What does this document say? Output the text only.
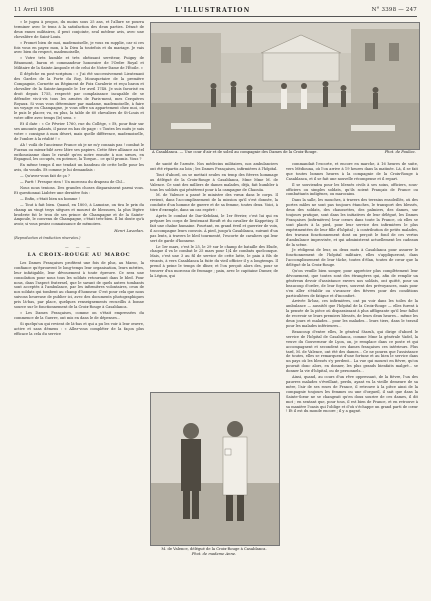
11 Avril 1908	L'ILLUSTRATION	N° 3398 — 247

« le jugea à propos, du moins sous 25 ans, et l'allure se pourra terminer avec le tems à la satisfaction des deux parties. Dénué de deux ennes militaires, il peut conjointe, seul médeur avis, avec une chevalière de Saint-Louis.

« Promet bien de moi, mademoiselle, je vous en supplie, car si ces fois vous en payez mon, à la Dieu la toutefois et du mariage. Je vais avec bien du respect, mademoiselle,

« Votre très humble et très obéissant serviteur, Fuigny de Béaumont, baron et commandeur honoraire de l'Ordre Royal et Militaire de la Sainte Ampoule et de celui de Notre-Dame de l'Étoile. »

Il dépêche en post-scriptum : « J'ai été successivement Lieutenant des Gardes de la Porte du Roy, Mousquetaire de la première Compagnie, Cornette au Régiment de Foix Cavalerie et reçu baron et chevalier de la Sainte-Ampoule le 1er avril 1748. Je suis favorisé en droit depuis 1755, respecté par complaisance incapable de se défendre vis-à-vis tous les armées de Paris-ment, mes Cerquères Royaux. Si vous vous déterminer par madame, mademoiselle, à faire un voyage en Champagne, je vous offre un appartement chez moi, où le puis le placer, vu, en plus, la table de 60 chevaliers de St-Louis et votre offre avec temps (le) sens. »

Et il date : « Ce Février 1760, rue du Collège, « Et, pour finir sur ses amounts galants, il passe en bas de page : « Toutes les nuits je suis votre « consigne à mon désert, mais quelle différence, mademoiselle, de l'ombre à la réalité ! »

Ah ! voilà de l'ancienne France où je ne m'y connais pas ! combat le Fuzeau ou mieux-bilé avec lâtre ses papiers. Cette fière alliance au tel enthousiasme dans le ravalé qu'en notre ensuite à nos sœurs, en Espagnol, les occupés, en potence, la Torque... ce qu'il promis. Vous ?

En même temps il me tendait un bandeau de cette belle pour les avis, du voudis. Et comme je lui demandais :

— Qu'avez-vous fait de ça ?

— Partt ! Presque rien ! Un morceau du drapeau de Chl...

Nous nous tenions. Des grandes choses disparaissent parmi vous. Et questionnai Liabère une dernière fois :

— Enfin, c'était bien un homme !

— Tout à fait bien. Quand, en 1800, à Lamoine, on tira le prix du champ au vingt troys siègues et mourut de blessures, la plus légère broderie fut le trou de ses prince de Champagne et de la Sainte-Ampoule, le convenu de Champagne, c'était très-bien. Il lui doute qu'à avoir, si vous pesiez connaissance de mémoires.

Henri Lavedan.
(Reproduction et traduction réservées.)
— — —
LA CROIX-ROUGE AU MAROC

Les Dames Françaises profitent une fois de plus, au Maroc, la confiance qu'éprouvent le long-temps leur organisation, leurs mérites, leur infatigable, leur dévouement à toute épreuve. Ce sera une consolation pour nous tous les soldats retournant dans le bled. Pour nous, dans l'aspect fraternel, que le savant de quels autres tombants sont acceptés à l'ambulance, par les infirmières volontaires, ceux de nos soldats qui tombent au champ d'honneur. C'est pour cela que nous suivons heureuse de publier ici, avec des documents photographiques pris là-bas, par place, quelques renseignements recueillis à bonne source sur le fonctionnement de la Croix-Rouge à Casablanca.

« Les Dames Françaises, comme on s'était empressées du commence de la Guerre, ont mis en dans le de dépenses...

Si quelqu'un qui revient de là-bas et qui a pu les voir à leur œuvre, active et sans démens : « Allez-vous compléter de la façon plus efficace la cela du service

Phot. de Pauliac.
A Casablanca. — Une cour d'air et de soleil au compagnie des Dames de la Croix-Rouge.

de santé de l'armée. Nos médecins militaires, nos ambulanciers ont été répartis au loin ; les Dames Françaises, infirmières à l'hôpital.

Tout d'abord, on se mettait seules en temp des fièvres hommage au délégué de la Croix-Rouge à Casablanca, Mme Mme M. de Valence. Ce sont des milliers de dames malades, déjà, fait humbler à tous les soldats qui pénètrent pour à la campagne de Chaouïa.

M. de Valence a passé le ministre des vœux dans le corps. Il revient, dans l'accomplissement de la mission qu'il s'est donnée, la conduite d'un homme de guerre et de sa femme, toutes deux. Voici, à titre d'exemple, dans un cas espéré :

Après le combat de Dar-Kebdani, le 1er février, c'est lui qui en prépare les corps de lieutenant Rieuft et du cavalier de Kappetiuy. Il fait une chaîne humaine. Pourtant, en grand éveil et guerrier de voix, il accompagne leurs convois. À pied, jusqu'à Casablanca, suivant d'un pas lents, à travers le bled tourmenté, l'escorte de cavaliers qui leur sert de garde d'honneur.

Le 1er mars, c'est le 25, le 29 sur le champ de bataille des Elude, chaque il va le combat le 25 mars pour 1/4 de combats quelconque. Mais, c'est une 3 au fil de service de cette lutte, le pain à fils de vivants, à vers Casablanca la fuite du vieil officier il y a longtemps. Il prend à peine le temps de dîner, et l'on perçoit alors des, pour se trouver d'un morceau de fromage ; pain, avec le capitaine Dumer, de la Légion, qui

M. de Valence, délégué de la Croix-Rouge à Casablanca.
Phot. de madame Anne.

commandait l'escorte, et encore en marche, à 16 heures de suite, vers Médiouna, où l'on arrive à 19 heures dans la matinée. Là, il se fait que toutes bonnes heures à la compagnie de la Croix-Rouge à Casablanca, et il se fait une nouvelle récompense et il repart.

Il se souviendra pour les blessés civils à ses soins, officiers, sous-officiers ou simples soldats, qu'ils soient Français de France ou combattants indigènes, ou marocains.

Dans la salle, les mouches, à travers des terrains ensoleillés, où des portes mâles ne sont pas toujours étanches, le transport des blessés, deux des soldats, des chaussettes, des palmiers, des dames, sur toujours pratique, sont dans les initiatives de leur délégué, les Dames Françaises (infirmières) leur cœurs dans toute la France, où elles se sont placés à la pied, pour leur service des infirmières le plus expérimentées de leur fille d'hôpital ; à contribution de petits malades, des travaux fonctionnement dont on perçoit le fond de ces vertus d'ambulance improvisée, et qui administrent actuellement les cadeaux de la scène.

Je rédigerai de leur, ou deux mots à Casablanca pour assurer le fonctionnement de l'hôpital militaire, elles s'appliqueront, dans l'accomplissement de leur tâche, toutes d'élan, toutes de cœur que la délégué de la Croix-Rouge.

Qu'on veuille bien songer, pour apprécier plus complètement leur dévouement, que toutes sont des étrangères qui, afin de remplir un généreux devoir d'assistance envers nos soldats, ont quitté, pour un beaucoup d'ordre, de leur foyers, souvent des prévoyances, mais pour s'en aller s'établir ou s'avancer des fièvres pour des conditions particulières de fatigue et d'inconfort.

Arrivée là-bas, ces infirmières, ont pu voir dans les toiles de la ambulance — aussitôt que l'hôpital de la Croix-Rouge — elles furent à la pensée de la pièce où disparaissant à plus affligeante qu'il leur fallut de recevoir se leurs premiers blessés, de leurs deux heures... même les deux jours et malades... pour les malades... leurs tiers, dans le travail pour les malades inférieures...

Beaucoup d'entre elles, le général Staruh, qui dirige d'abord le service de l'hôpital de Casablanca, comme Mme la générale Vadel, la veuve du Gouverneur de Lyon, on, je remplace dans ce poste et qui accompagnent et secondent ces dames françaises ces intérieurs. Plus tard, M. de Valence, ont été des dames... Ce ne pourra que l'assistance de toutes, elles se remarquent d'une fortune et au bien le service dans un pays où les blessés s'y perdent... La vue qui mourut en fièvre, qu'on pouvait donc alors, en donner, les plus grands bienfaits malgré... se donner la vie d'hôpital, ou de personnels...

Ainsi, quand, au cours d'un rêve oppressant, de la fièvre, l'un des pauvres malades s'éveillant, perdu, ayant vu la vieille demeure de sa mère, l'air de ses roses de France, il retrouve à la pièce ainsi de la compagnie toujours les femmes ou une d'orgueil, il sait que dans la Sainte-Sœur ne se changeait qu'en doux sourire de ces dames, il dit mot ; en sentant que, pour tous, il est bien de France, et en retrouve à sa manière l'oasis qui l'oblige et d'où s'échappe un grand parti de cœur ! Et il est du monde encore ; il y a gagné.
